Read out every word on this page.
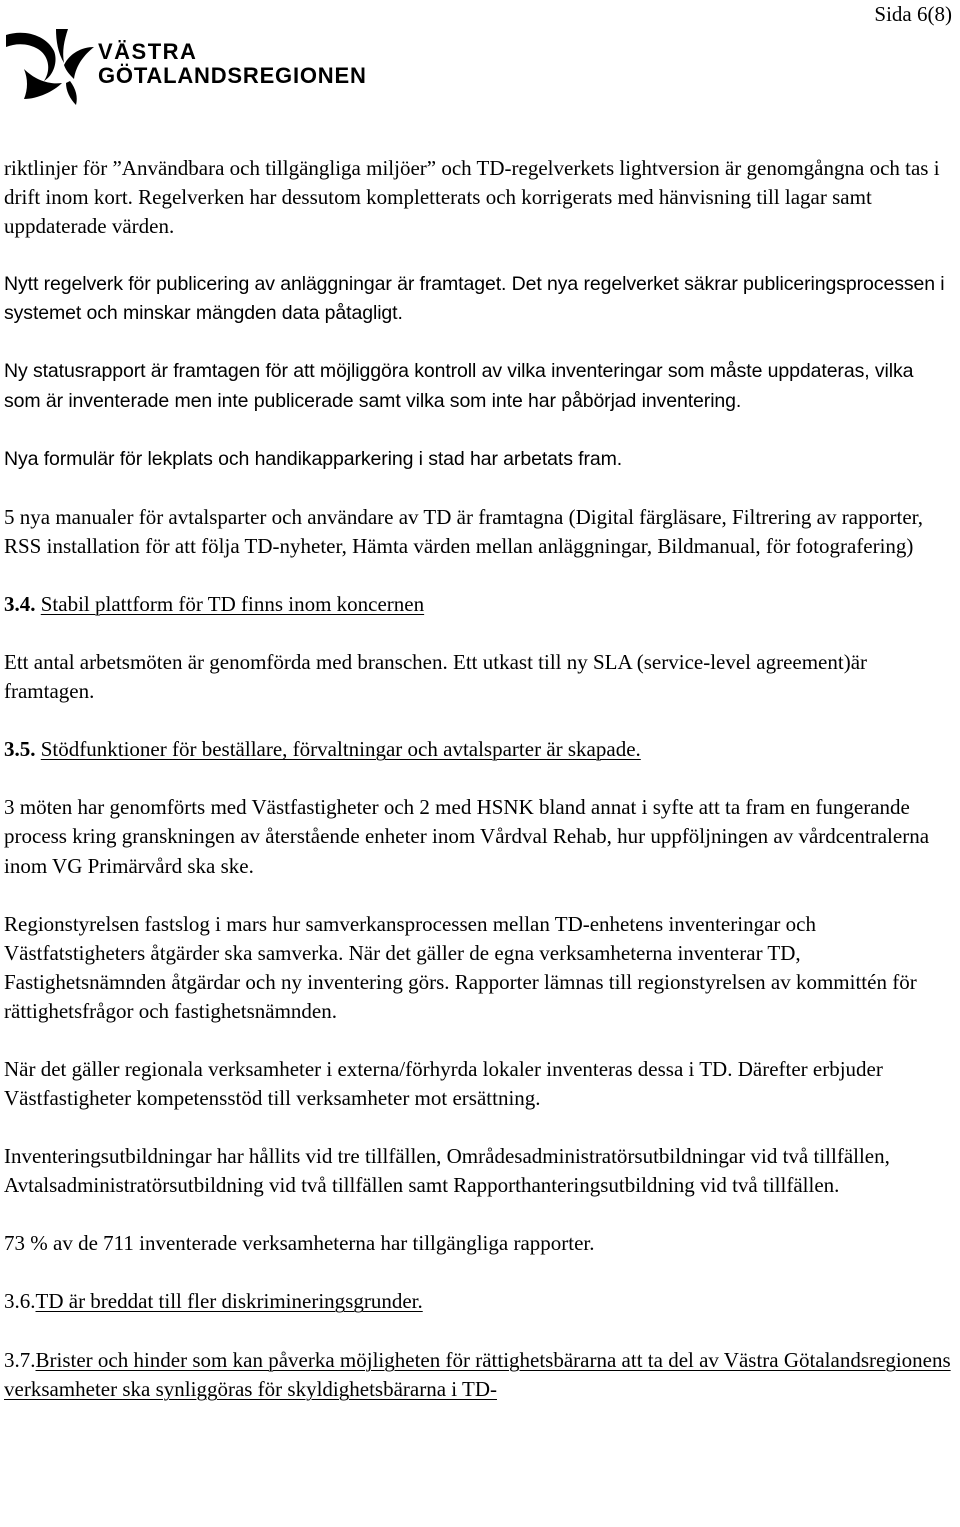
Sida 6(8)
VÄSTRA
GÖTALANDSREGIONEN

riktlinjer för ”Användbara och tillgängliga miljöer” och TD-regelverkets lightversion är genomgångna och tas i drift inom kort. Regelverken har dessutom kompletterats och korrigerats med hänvisning till lagar samt uppdaterade värden.

Nytt regelverk för publicering av anläggningar är framtaget. Det nya regelverket säkrar publiceringsprocessen i systemet och minskar mängden data påtagligt.

Ny statusrapport är framtagen för att möjliggöra kontroll av vilka inventeringar som måste uppdateras, vilka som är inventerade men inte publicerade samt vilka som inte har påbörjad inventering.

Nya formulär för lekplats och handikapparkering i stad har arbetats fram.

5 nya manualer för avtalsparter och användare av TD är framtagna (Digital färgläsare, Filtrering av rapporter, RSS installation för att följa TD-nyheter, Hämta värden mellan anläggningar, Bildmanual, för fotografering)

3.4. Stabil plattform för TD finns inom koncernen

Ett antal arbetsmöten är genomförda med branschen. Ett utkast till ny SLA (service-level agreement)är framtagen.

3.5. Stödfunktioner för beställare, förvaltningar och avtalsparter är skapade.

3 möten har genomförts med Västfastigheter och 2 med HSNK bland annat i syfte att ta fram en fungerande process kring granskningen av återstående enheter inom Vårdval Rehab, hur uppföljningen av vårdcentralerna inom VG Primärvård ska ske.

Regionstyrelsen fastslog i mars hur samverkansprocessen mellan TD-enhetens inventeringar och Västfatstigheters åtgärder ska samverka. När det gäller de egna verksamheterna inventerar TD, Fastighetsnämnden åtgärdar och ny inventering görs. Rapporter lämnas till regionstyrelsen av kommittén för rättighetsfrågor och fastighetsnämnden.

När det gäller regionala verksamheter i externa/förhyrda lokaler inventeras dessa i TD. Därefter erbjuder Västfastigheter kompetensstöd till verksamheter mot ersättning.

Inventeringsutbildningar har hållits vid tre tillfällen, Områdesadministratörsutbildningar vid två tillfällen, Avtalsadministratörsutbildning vid två tillfällen samt Rapporthanteringsutbildning vid två tillfällen.

73 % av de 711 inventerade verksamheterna har tillgängliga rapporter.

3.6.TD är breddat till fler diskrimineringsgrunder.

3.7.Brister och hinder som kan påverka möjligheten för rättighetsbärarna att ta del av Västra Götalandsregionens verksamheter ska synliggöras för skyldighetsbärarna i TD-
